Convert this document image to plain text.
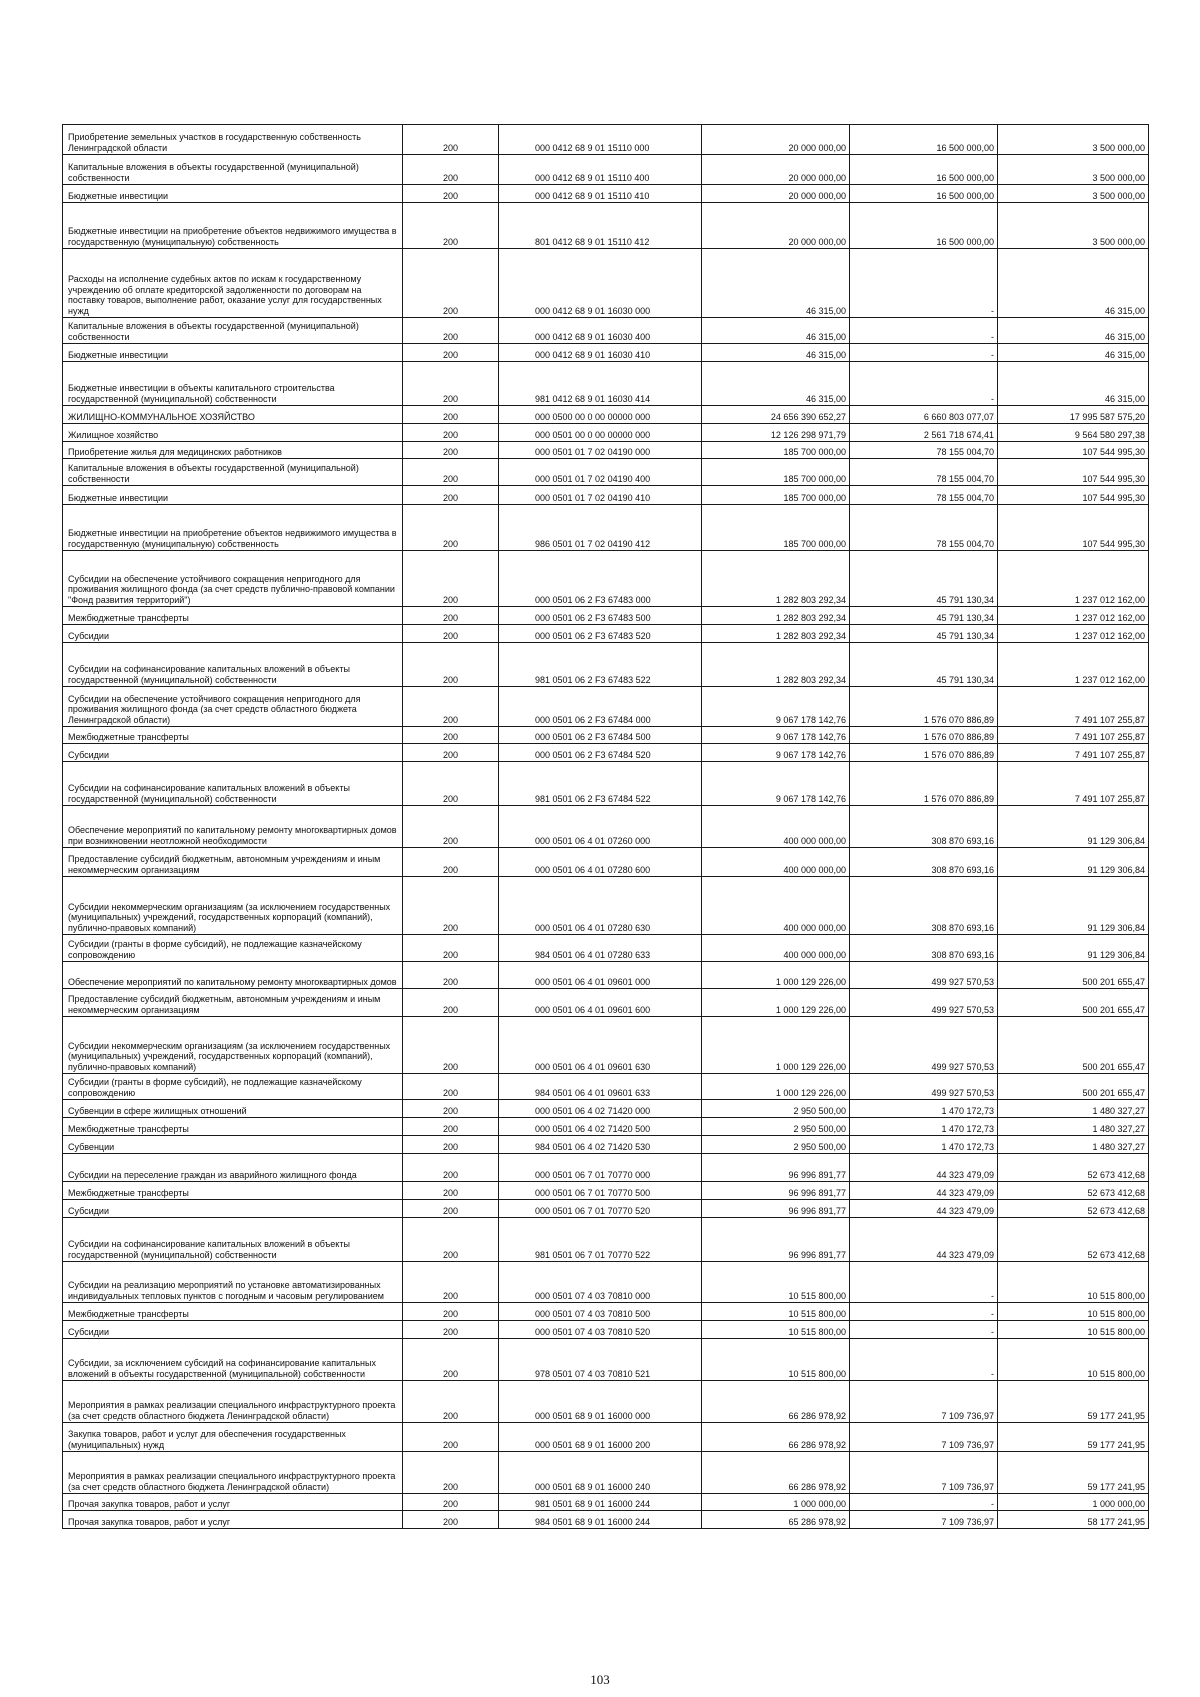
Приобретение земельных участков в государственную собственность Ленинградской области	200	000 0412 68 9 01 15110 000	20 000 000,00	16 500 000,00	3 500 000,00
Капитальные вложения в объекты государственной (муниципальной) собственности	200	000 0412 68 9 01 15110 400	20 000 000,00	16 500 000,00	3 500 000,00
Бюджетные инвестиции	200	000 0412 68 9 01 15110 410	20 000 000,00	16 500 000,00	3 500 000,00
Бюджетные инвестиции на приобретение объектов недвижимого имущества в государственную (муниципальную) собственность	200	801 0412 68 9 01 15110 412	20 000 000,00	16 500 000,00	3 500 000,00
Расходы на исполнение судебных актов по искам к государственному учреждению об оплате кредиторской задолженности по договорам на поставку товаров, выполнение работ, оказание услуг для государственных нужд	200	000 0412 68 9 01 16030 000	46 315,00	-	46 315,00
Капитальные вложения в объекты государственной (муниципальной) собственности	200	000 0412 68 9 01 16030 400	46 315,00	-	46 315,00
Бюджетные инвестиции	200	000 0412 68 9 01 16030 410	46 315,00	-	46 315,00
Бюджетные инвестиции в объекты капитального строительства государственной (муниципальной) собственности	200	981 0412 68 9 01 16030 414	46 315,00	-	46 315,00
ЖИЛИЩНО-КОММУНАЛЬНОЕ ХОЗЯЙСТВО	200	000 0500 00 0 00 00000 000	24 656 390 652,27	6 660 803 077,07	17 995 587 575,20
Жилищное хозяйство	200	000 0501 00 0 00 00000 000	12 126 298 971,79	2 561 718 674,41	9 564 580 297,38
Приобретение жилья для медицинских работников	200	000 0501 01 7 02 04190 000	185 700 000,00	78 155 004,70	107 544 995,30
Капитальные вложения в объекты государственной (муниципальной) собственности	200	000 0501 01 7 02 04190 400	185 700 000,00	78 155 004,70	107 544 995,30
Бюджетные инвестиции	200	000 0501 01 7 02 04190 410	185 700 000,00	78 155 004,70	107 544 995,30
Бюджетные инвестиции на приобретение объектов недвижимого имущества в государственную (муниципальную) собственность	200	986 0501 01 7 02 04190 412	185 700 000,00	78 155 004,70	107 544 995,30
Субсидии на обеспечение устойчивого сокращения непригодного для проживания жилищного фонда (за счет средств публично-правовой компании "Фонд развития территорий")	200	000 0501 06 2 F3 67483 000	1 282 803 292,34	45 791 130,34	1 237 012 162,00
Межбюджетные трансферты	200	000 0501 06 2 F3 67483 500	1 282 803 292,34	45 791 130,34	1 237 012 162,00
Субсидии	200	000 0501 06 2 F3 67483 520	1 282 803 292,34	45 791 130,34	1 237 012 162,00
Субсидии на софинансирование капитальных вложений в объекты государственной (муниципальной) собственности	200	981 0501 06 2 F3 67483 522	1 282 803 292,34	45 791 130,34	1 237 012 162,00
Субсидии на обеспечение устойчивого сокращения непригодного для проживания жилищного фонда (за счет средств областного бюджета Ленинградской области)	200	000 0501 06 2 F3 67484 000	9 067 178 142,76	1 576 070 886,89	7 491 107 255,87
Межбюджетные трансферты	200	000 0501 06 2 F3 67484 500	9 067 178 142,76	1 576 070 886,89	7 491 107 255,87
Субсидии	200	000 0501 06 2 F3 67484 520	9 067 178 142,76	1 576 070 886,89	7 491 107 255,87
Субсидии на софинансирование капитальных вложений в объекты государственной (муниципальной) собственности	200	981 0501 06 2 F3 67484 522	9 067 178 142,76	1 576 070 886,89	7 491 107 255,87
Обеспечение мероприятий по капитальному ремонту многоквартирных домов при возникновении неотложной необходимости	200	000 0501 06 4 01 07260 000	400 000 000,00	308 870 693,16	91 129 306,84
Предоставление субсидий бюджетным, автономным учреждениям и иным некоммерческим организациям	200	000 0501 06 4 01 07280 600	400 000 000,00	308 870 693,16	91 129 306,84
Субсидии некоммерческим организациям (за исключением государственных (муниципальных) учреждений, государственных корпораций (компаний), публично-правовых компаний)	200	000 0501 06 4 01 07280 630	400 000 000,00	308 870 693,16	91 129 306,84
Субсидии (гранты в форме субсидий), не подлежащие казначейскому сопровождению	200	984 0501 06 4 01 07280 633	400 000 000,00	308 870 693,16	91 129 306,84
Обеспечение мероприятий по капитальному ремонту многоквартирных домов	200	000 0501 06 4 01 09601 000	1 000 129 226,00	499 927 570,53	500 201 655,47
Предоставление субсидий бюджетным, автономным учреждениям и иным некоммерческим организациям	200	000 0501 06 4 01 09601 600	1 000 129 226,00	499 927 570,53	500 201 655,47
Субсидии некоммерческим организациям (за исключением государственных (муниципальных) учреждений, государственных корпораций (компаний), публично-правовых компаний)	200	000 0501 06 4 01 09601 630	1 000 129 226,00	499 927 570,53	500 201 655,47
Субсидии (гранты в форме субсидий), не подлежащие казначейскому сопровождению	200	984 0501 06 4 01 09601 633	1 000 129 226,00	499 927 570,53	500 201 655,47
Субвенции в сфере жилищных отношений	200	000 0501 06 4 02 71420 000	2 950 500,00	1 470 172,73	1 480 327,27
Межбюджетные трансферты	200	000 0501 06 4 02 71420 500	2 950 500,00	1 470 172,73	1 480 327,27
Субвенции	200	984 0501 06 4 02 71420 530	2 950 500,00	1 470 172,73	1 480 327,27
Субсидии на переселение граждан из аварийного жилищного фонда	200	000 0501 06 7 01 70770 000	96 996 891,77	44 323 479,09	52 673 412,68
Межбюджетные трансферты	200	000 0501 06 7 01 70770 500	96 996 891,77	44 323 479,09	52 673 412,68
Субсидии	200	000 0501 06 7 01 70770 520	96 996 891,77	44 323 479,09	52 673 412,68
Субсидии на софинансирование капитальных вложений в объекты государственной (муниципальной) собственности	200	981 0501 06 7 01 70770 522	96 996 891,77	44 323 479,09	52 673 412,68
Субсидии на реализацию мероприятий по установке автоматизированных индивидуальных тепловых пунктов с погодным и часовым регулированием	200	000 0501 07 4 03 70810 000	10 515 800,00	-	10 515 800,00
Межбюджетные трансферты	200	000 0501 07 4 03 70810 500	10 515 800,00	-	10 515 800,00
Субсидии	200	000 0501 07 4 03 70810 520	10 515 800,00	-	10 515 800,00
Субсидии, за исключением субсидий на софинансирование капитальных вложений в объекты государственной (муниципальной) собственности	200	978 0501 07 4 03 70810 521	10 515 800,00	-	10 515 800,00
Мероприятия в рамках реализации специального инфраструктурного проекта (за счет средств областного бюджета Ленинградской области)	200	000 0501 68 9 01 16000 000	66 286 978,92	7 109 736,97	59 177 241,95
Закупка товаров, работ и услуг для обеспечения государственных (муниципальных) нужд	200	000 0501 68 9 01 16000 200	66 286 978,92	7 109 736,97	59 177 241,95
Мероприятия в рамках реализации специального инфраструктурного проекта (за счет средств областного бюджета Ленинградской области)	200	000 0501 68 9 01 16000 240	66 286 978,92	7 109 736,97	59 177 241,95
Прочая закупка товаров, работ и услуг	200	981 0501 68 9 01 16000 244	1 000 000,00	-	1 000 000,00
Прочая закупка товаров, работ и услуг	200	984 0501 68 9 01 16000 244	65 286 978,92	7 109 736,97	58 177 241,95
103
